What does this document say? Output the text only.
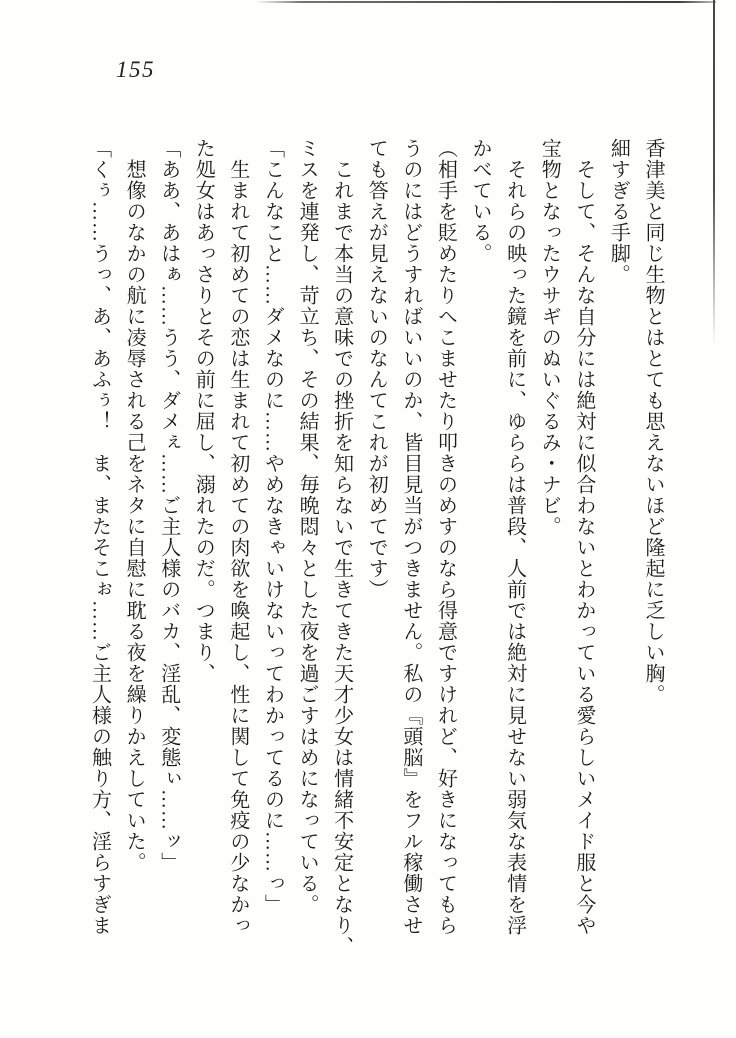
155
香津美と同じ生物とはとても思えないほど隆起に乏しい胸。
細すぎる手脚。
　そして、そんな自分には絶対に似合わないとわかっている愛らしいメイド服と今や
宝物となったウサギのぬいぐるみ・ナビ。
　それらの映った鏡を前に、ゆららは普段、人前では絶対に見せない弱気な表情を浮
かべている。
（相手を貶めたりへこませたり叩きのめすのなら得意ですけれど、好きになってもら
うのにはどうすればいいのか、皆目見当がつきません。私の『頭脳』をフル稼働させ
ても答えが見えないのなんてこれが初めてです）
　これまで本当の意味での挫折を知らないで生きてきた天才少女は情緒不安定となり、
ミスを連発し、苛立ち、その結果、毎晩悶々とした夜を過ごすはめになっている。
「こんなこと……ダメなのに……やめなきゃいけないってわかってるのに……っ」
　生まれて初めての恋は生まれて初めての肉欲を喚起し、性に関して免疫の少なかっ
た処女はあっさりとその前に屈し、溺れたのだ。つまり、
「ああ、あはぁ……うう、ダメぇ……ご主人様のバカ、淫乱、変態ぃ……ッ」
　想像のなかの航に凌辱される己をネタに自慰に耽る夜を繰りかえしていた。
「くぅ……うっ、あ、あふぅ！　ま、またそこぉ……ご主人様の触り方、淫らすぎま
